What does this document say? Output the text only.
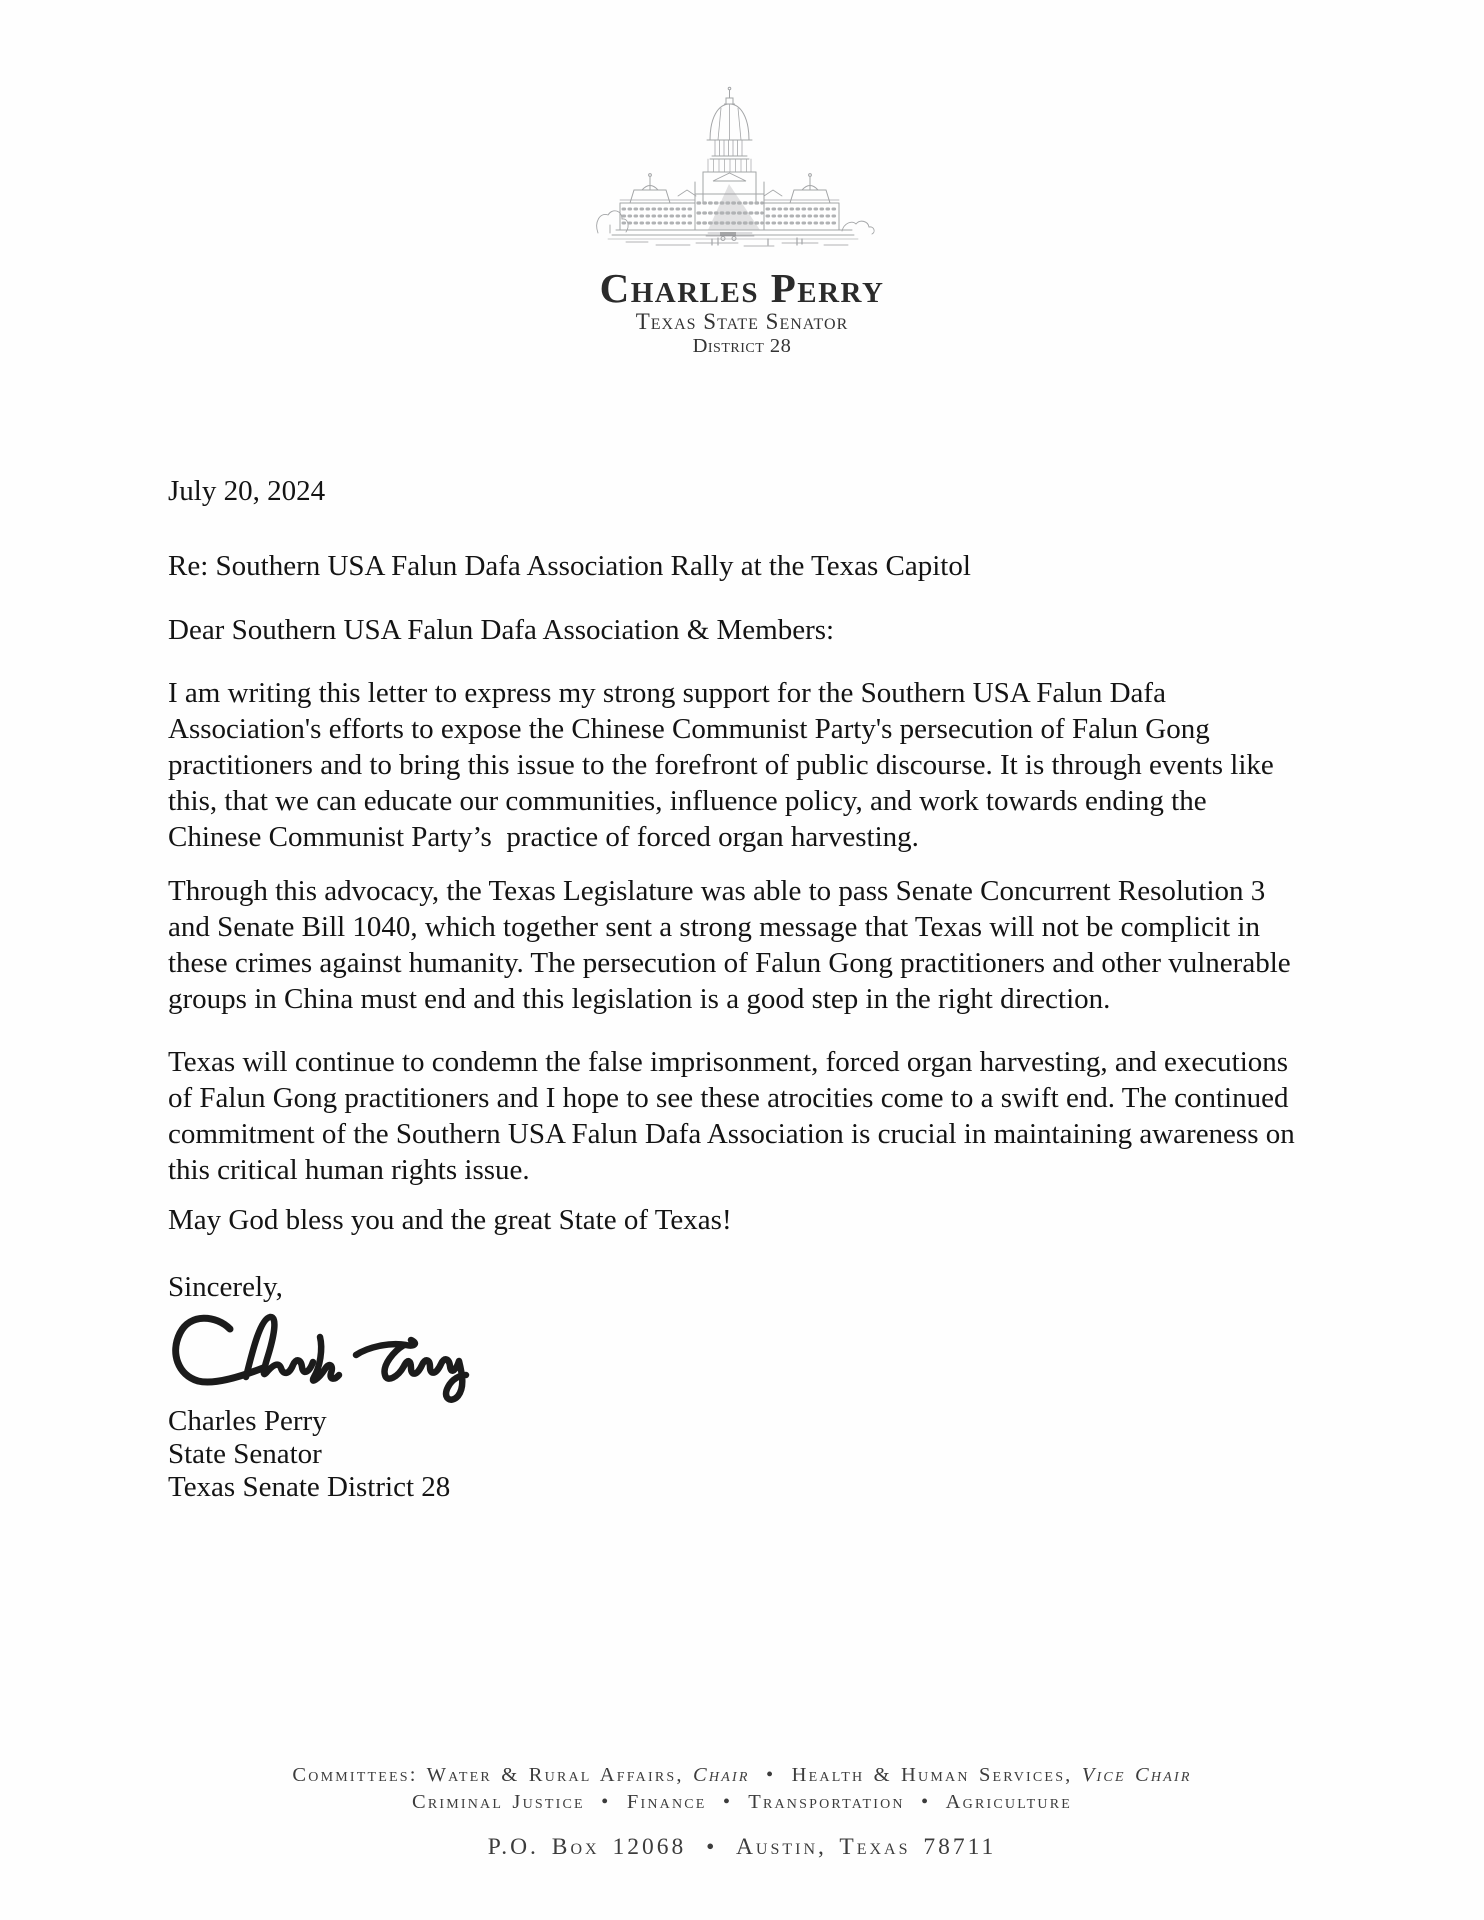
Charles Perry
Texas State Senator
District 28
July 20, 2024
Re: Southern USA Falun Dafa Association Rally at the Texas Capitol
Dear Southern USA Falun Dafa Association & Members:
I am writing this letter to express my strong support for the Southern USA Falun Dafa
Association's efforts to expose the Chinese Communist Party's persecution of Falun Gong
practitioners and to bring this issue to the forefront of public discourse. It is through events like
this, that we can educate our communities, influence policy, and work towards ending the
Chinese Communist Party’s  practice of forced organ harvesting.
Through this advocacy, the Texas Legislature was able to pass Senate Concurrent Resolution 3
and Senate Bill 1040, which together sent a strong message that Texas will not be complicit in
these crimes against humanity. The persecution of Falun Gong practitioners and other vulnerable
groups in China must end and this legislation is a good step in the right direction.
Texas will continue to condemn the false imprisonment, forced organ harvesting, and executions
of Falun Gong practitioners and I hope to see these atrocities come to a swift end. The continued
commitment of the Southern USA Falun Dafa Association is crucial in maintaining awareness on
this critical human rights issue.
May God bless you and the great State of Texas!
Sincerely,
Charles Perry
State Senator
Texas Senate District 28
Committees: Water & Rural Affairs, Chair • Health & Human Services, Vice Chair
Criminal Justice • Finance • Transportation • Agriculture
P.O. Box 12068 • Austin, Texas 78711
